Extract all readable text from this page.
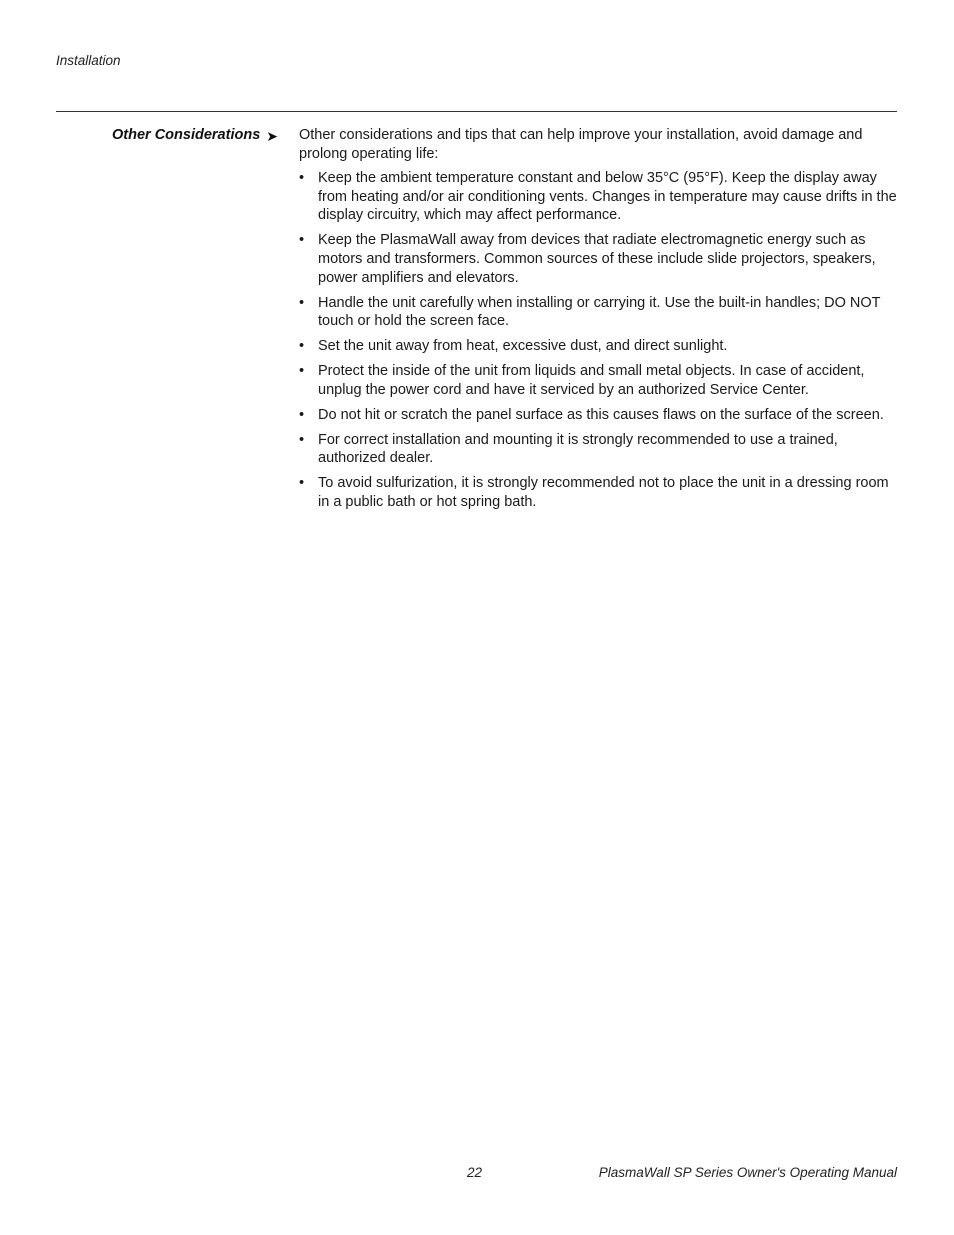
Installation
Other Considerations ➤ Other considerations and tips that can help improve your installation, avoid damage and prolong operating life:

• Keep the ambient temperature constant and below 35°C (95°F). Keep the display away from heating and/or air conditioning vents. Changes in temperature may cause drifts in the display circuitry, which may affect performance.
• Keep the PlasmaWall away from devices that radiate electromagnetic energy such as motors and transformers. Common sources of these include slide projectors, speakers, power amplifiers and elevators.
• Handle the unit carefully when installing or carrying it. Use the built-in handles; DO NOT touch or hold the screen face.
• Set the unit away from heat, excessive dust, and direct sunlight.
• Protect the inside of the unit from liquids and small metal objects. In case of accident, unplug the power cord and have it serviced by an authorized Service Center.
• Do not hit or scratch the panel surface as this causes flaws on the surface of the screen.
• For correct installation and mounting it is strongly recommended to use a trained, authorized dealer.
• To avoid sulfurization, it is strongly recommended not to place the unit in a dressing room in a public bath or hot spring bath.
22	PlasmaWall SP Series Owner's Operating Manual
